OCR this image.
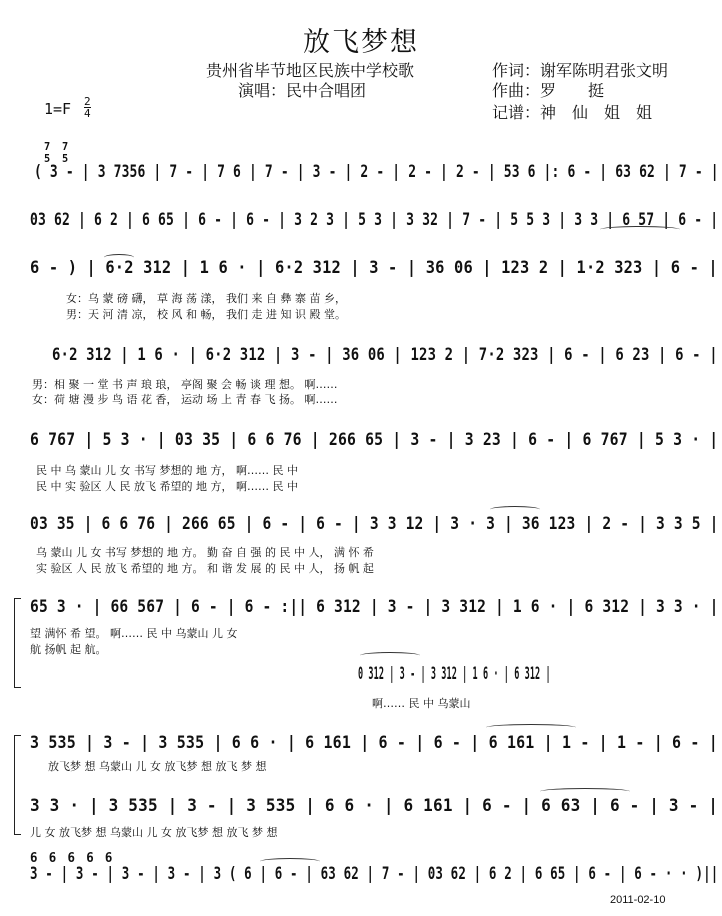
放飞梦想
贵州省毕节地区民族中学校歌
演唱：民中合唱团
作词：谢军陈明君张文明
作曲：罗　　挺
记谱：神　仙　姐　姐
1=F 2
4
7 7
5 5
( 3 - | 3 7356 | 7 - | 7 6 | 7 - | 3 - | 2 - | 2 - | 2 - | 53 6 |: 6 - | 63 62 | 7 - |
03 62 | 6 2 | 6 65 | 6 - | 6 - | 3 2 3 | 5 3 | 3 32 | 7 - | 5 5 3 | 3 3 | 6 57 | 6 - |
6 - ) | 6·2 312 | 1 6 · | 6·2 312 | 3 - | 36 06 | 123 2 | 1·2 323 | 6 - |
女：乌 蒙 磅 礴， 草 海 荡 漾， 我们 来 自 彝 寨 苗 乡，
男：天 河 清 凉， 校 风 和 畅， 我们 走 进 知 识 殿 堂。
6·2 312 | 1 6 · | 6·2 312 | 3 - | 36 06 | 123 2 | 7·2 323 | 6 - | 6 23 | 6 - |
男：相 聚 一 堂 书 声 琅 琅， 亭阁 聚 会 畅 谈 理 想。 啊……
女：荷 塘 漫 步 鸟 语 花 香， 运动 场 上 青 春 飞 扬。 啊……
6 767 | 5 3 · | 03 35 | 6 6 76 | 266 65 | 3 - | 3 23 | 6 - | 6 767 | 5 3 · |
民 中 乌 蒙山 儿 女 书写 梦想的 地 方， 啊…… 民 中
民 中 实 验区 人 民 放飞 希望的 地 方， 啊…… 民 中
03 35 | 6 6 76 | 266 65 | 6 - | 6 - | 3 3 12 | 3 · 3 | 36 123 | 2 - | 3 3 5 |
乌 蒙山 儿 女 书写 梦想的 地 方。 勤 奋 自 强 的 民 中 人， 满 怀 希
实 验区 人 民 放飞 希望的 地 方。 和 谐 发 展 的 民 中 人， 扬 帆 起
65 3 · | 66 567 | 6 - | 6 - :|| 6 312 | 3 - | 3 312 | 1 6 · | 6 312 | 3 3 · |
望 满怀 希 望。 啊…… 民 中 乌蒙山 儿 女
航 扬帆 起 航。
0 312 | 3 - | 3 312 | 1 6 · | 6 312 |
啊…… 民 中 乌蒙山
3 535 | 3 - | 3 535 | 6 6 · | 6 161 | 6 - | 6 - | 6 161 | 1 - | 1 - | 6 - |
放飞梦 想 乌蒙山 儿 女 放飞梦 想 放飞 梦 想
3 3 · | 3 535 | 3 - | 3 535 | 6 6 · | 6 161 | 6 - | 6 63 | 6 - | 3 - |
儿 女 放飞梦 想 乌蒙山 儿 女 放飞梦 想 放飞 梦 想
6 6 6 6 6
3 - | 3 - | 3 - | 3 - | 3 ( 6 | 6 - | 63 62 | 7 - | 03 62 | 6 2 | 6 65 | 6 - | 6 - · · )||
2011-02-10
